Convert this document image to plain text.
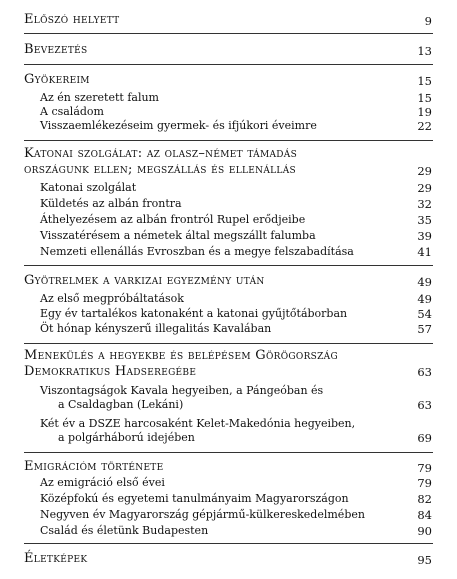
Előszó helyett	9
Bevezetés	13
Gyökereim	15
Az én szeretett falum	15
A családom	19
Visszaemlékezéseim gyermek- és ifjúkori éveimre	22
Katonai szolgálat: az olasz–német támadás
országunk ellen; megszállás és ellenállás	29
Katonai szolgálat	29
Küldetés az albán frontra	32
Áthelyezésem az albán frontról Rupel erődjeibe	35
Visszatérésem a németek által megszállt falumba	39
Nemzeti ellenállás Evroszban és a megye felszabadítása	41
Gyötrelmek a varkizai egyezmény után	49
Az első megpróbáltatások	49
Egy év tartalékos katonaként a katonai gyűjtőtáborban	54
Öt hónap kényszerű illegalitás Kavalában	57
Menekülés a hegyekbe és belépésem Görögország
Demokratikus Hadseregébe	63
Viszontagságok Kavala hegyeiben, a Pángeóban és
a Csaldagban (Lekáni)	63
Két év a DSZE harcosaként Kelet-Makedónia hegyeiben,
a polgárháború idejében	69
Emigrációm története	79
Az emigráció első évei	79
Középfokú és egyetemi tanulmányaim Magyarországon	82
Negyven év Magyarország gépjármű-külkereskedelmében	84
Család és életünk Budapesten	90
Életképek	95
